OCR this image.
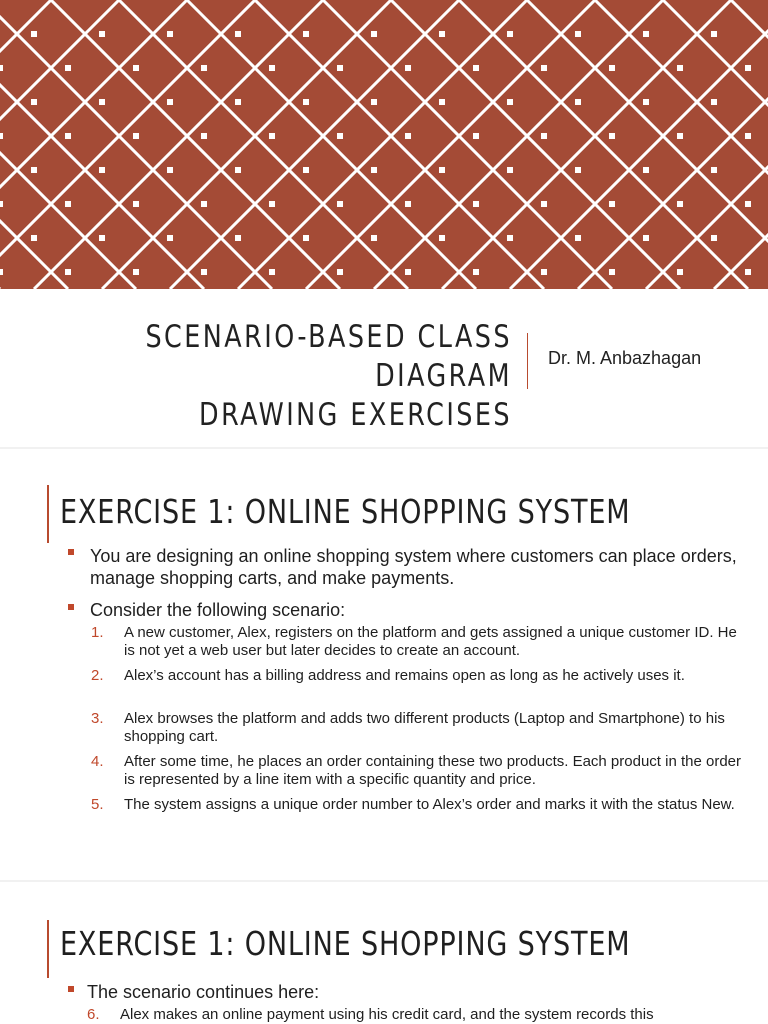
SCENARIO-BASED CLASS DIAGRAM
DRAWING EXERCISES
Dr. M. Anbazhagan
EXERCISE 1: ONLINE SHOPPING SYSTEM
You are designing an online shopping system where customers can place orders, manage shopping carts, and make payments.
Consider the following scenario:
1. A new customer, Alex, registers on the platform and gets assigned a unique customer ID. He is not yet a web user but later decides to create an account.
2. Alex’s account has a billing address and remains open as long as he actively uses it.
3. Alex browses the platform and adds two different products (Laptop and Smartphone) to his shopping cart.
4. After some time, he places an order containing these two products. Each product in the order is represented by a line item with a specific quantity and price.
5. The system assigns a unique order number to Alex’s order and marks it with the status New.
EXERCISE 1: ONLINE SHOPPING SYSTEM
The scenario continues here:
6. Alex makes an online payment using his credit card, and the system records this
